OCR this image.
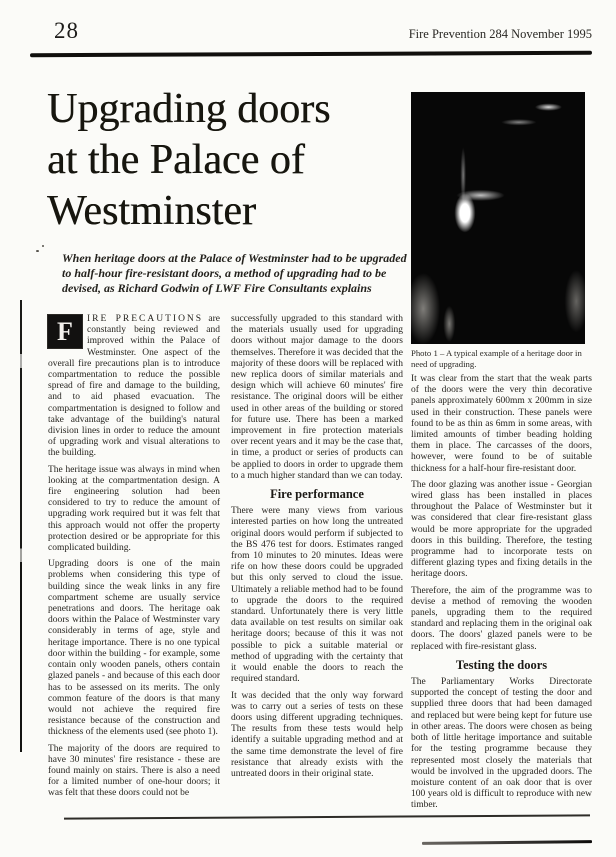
28	Fire Prevention 284 November 1995
Upgrading doors
at the Palace of
Westminster
When heritage doors at the Palace of Westminster had to be upgraded to half-hour fire-resistant doors, a method of upgrading had to be devised, as Richard Godwin of LWF Fire Consultants explains

F	IRE PRECAUTIONS are constantly being reviewed and improved within the Palace of Westminster. One aspect of the overall fire precautions plan is to introduce compartmentation to reduce the possible spread of fire and damage to the building, and to aid phased evacuation. The compartmentation is designed to follow and take advantage of the building's natural division lines in order to reduce the amount of upgrading work and visual alterations to the building.

The heritage issue was always in mind when looking at the compartmentation design. A fire engineering solution had been considered to try to reduce the amount of upgrading work required but it was felt that this approach would not offer the property protection desired or be appropriate for this complicated building.

Upgrading doors is one of the main problems when considering this type of building since the weak links in any fire compartment scheme are usually service penetrations and doors. The heritage oak doors within the Palace of Westminster vary considerably in terms of age, style and heritage importance. There is no one typical door within the building - for example, some contain only wooden panels, others contain glazed panels - and because of this each door has to be assessed on its merits. The only common feature of the doors is that many would not achieve the required fire resistance because of the construction and thickness of the elements used (see photo 1).

The majority of the doors are required to have 30 minutes' fire resistance - these are found mainly on stairs. There is also a need for a limited number of one-hour doors; it was felt that these doors could not be

successfully upgraded to this standard with the materials usually used for upgrading doors without major damage to the doors themselves. Therefore it was decided that the majority of these doors will be replaced with new replica doors of similar materials and design which will achieve 60 minutes' fire resistance. The original doors will be either used in other areas of the building or stored for future use. There has been a marked improvement in fire protection materials over recent years and it may be the case that, in time, a product or series of products can be applied to doors in order to upgrade them to a much higher standard than we can today.

Fire performance

There were many views from various interested parties on how long the untreated original doors would perform if subjected to the BS 476 test for doors. Estimates ranged from 10 minutes to 20 minutes. Ideas were rife on how these doors could be upgraded but this only served to cloud the issue. Ultimately a reliable method had to be found to upgrade the doors to the required standard. Unfortunately there is very little data available on test results on similar oak heritage doors; because of this it was not possible to pick a suitable material or method of upgrading with the certainty that it would enable the doors to reach the required standard.

It was decided that the only way forward was to carry out a series of tests on these doors using different upgrading techniques. The results from these tests would help identify a suitable upgrading method and at the same time demonstrate the level of fire resistance that already exists with the untreated doors in their original state.

Photo 1 – A typical example of a heritage door in need of upgrading.

It was clear from the start that the weak parts of the doors were the very thin decorative panels approximately 600mm x 200mm in size used in their construction. These panels were found to be as thin as 6mm in some areas, with limited amounts of timber beading holding them in place. The carcasses of the doors, however, were found to be of suitable thickness for a half-hour fire-resistant door.

The door glazing was another issue - Georgian wired glass has been installed in places throughout the Palace of Westminster but it was considered that clear fire-resistant glass would be more appropriate for the upgraded doors in this building. Therefore, the testing programme had to incorporate tests on different glazing types and fixing details in the heritage doors.

Therefore, the aim of the programme was to devise a method of removing the wooden panels, upgrading them to the required standard and replacing them in the original oak doors. The doors' glazed panels were to be replaced with fire-resistant glass.

Testing the doors

The Parliamentary Works Directorate supported the concept of testing the door and supplied three doors that had been damaged and replaced but were being kept for future use in other areas. The doors were chosen as being both of little heritage importance and suitable for the testing programme because they represented most closely the materials that would be involved in the upgraded doors. The moisture content of an oak door that is over 100 years old is difficult to reproduce with new timber.
